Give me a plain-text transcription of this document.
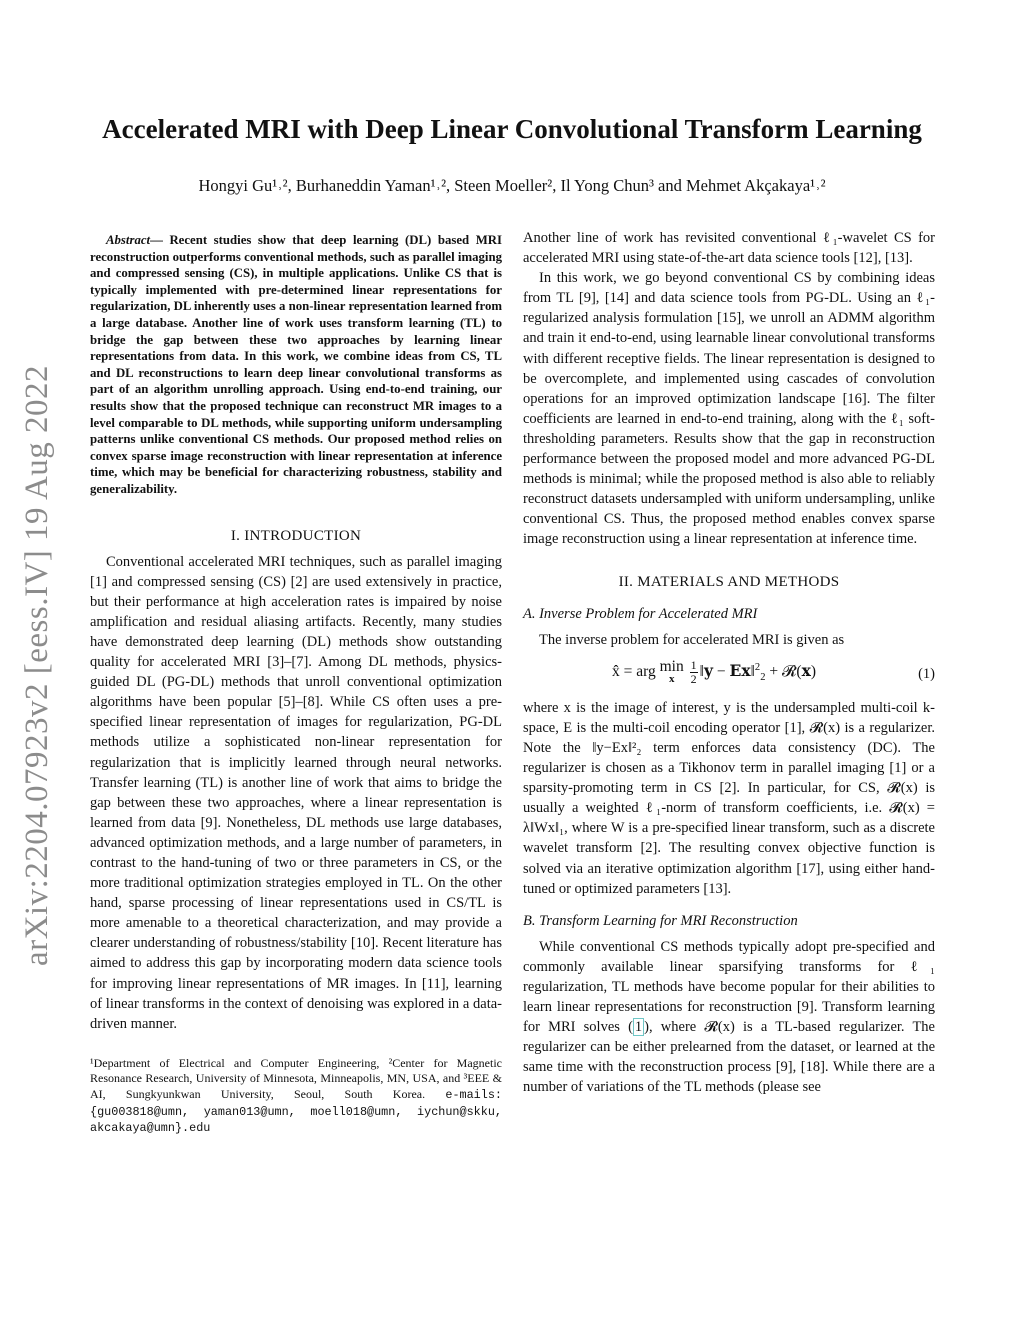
arXiv:2204.07923v2 [eess.IV] 19 Aug 2022
Accelerated MRI with Deep Linear Convolutional Transform Learning
Hongyi Gu¹˒², Burhaneddin Yaman¹˒², Steen Moeller², Il Yong Chun³ and Mehmet Akçakaya¹˒²

Abstract— Recent studies show that deep learning (DL) based MRI reconstruction outperforms conventional methods, such as parallel imaging and compressed sensing (CS), in multiple applications. Unlike CS that is typically implemented with pre-determined linear representations for regularization, DL inherently uses a non-linear representation learned from a large database. Another line of work uses transform learning (TL) to bridge the gap between these two approaches by learning linear representations from data. In this work, we combine ideas from CS, TL and DL reconstructions to learn deep linear convolutional transforms as part of an algorithm unrolling approach. Using end-to-end training, our results show that the proposed technique can reconstruct MR images to a level comparable to DL methods, while supporting uniform undersampling patterns unlike conventional CS methods. Our proposed method relies on convex sparse image reconstruction with linear representation at inference time, which may be beneficial for characterizing robustness, stability and generalizability.

I. INTRODUCTION

Conventional accelerated MRI techniques, such as parallel imaging [1] and compressed sensing (CS) [2] are used extensively in practice, but their performance at high acceleration rates is impaired by noise amplification and residual aliasing artifacts. Recently, many studies have demonstrated deep learning (DL) methods show outstanding quality for accelerated MRI [3]–[7]. Among DL methods, physics-guided DL (PG-DL) methods that unroll conventional optimization algorithms have been popular [5]–[8]. While CS often uses a pre-specified linear representation of images for regularization, PG-DL methods utilize a sophisticated non-linear representation for regularization that is implicitly learned through neural networks. Transfer learning (TL) is another line of work that aims to bridge the gap between these two approaches, where a linear representation is learned from data [9]. Nonetheless, DL methods use large databases, advanced optimization methods, and a large number of parameters, in contrast to the hand-tuning of two or three parameters in CS, or the more traditional optimization strategies employed in TL. On the other hand, sparse processing of linear representations used in CS/TL is more amenable to a theoretical characterization, and may provide a clearer understanding of robustness/stability [10]. Recent literature has aimed to address this gap by incorporating modern data science tools for improving linear representations of MR images. In [11], learning of linear transforms in the context of denoising was explored in a data-driven manner.

¹Department of Electrical and Computer Engineering, ²Center for Magnetic Resonance Research, University of Minnesota, Minneapolis, MN, USA, and ³EEE & AI, Sungkyunkwan University, Seoul, South Korea. e-mails: {gu003818@umn, yaman013@umn, moell018@umn, iychun@skku, akcakaya@umn}.edu

Another line of work has revisited conventional ℓ₁-wavelet CS for accelerated MRI using state-of-the-art data science tools [12], [13].

In this work, we go beyond conventional CS by combining ideas from TL [9], [14] and data science tools from PG-DL. Using an ℓ₁-regularized analysis formulation [15], we unroll an ADMM algorithm and train it end-to-end, using learnable linear convolutional transforms with different receptive fields. The linear representation is designed to be overcomplete, and implemented using cascades of convolution operations for an improved optimization landscape [16]. The filter coefficients are learned in end-to-end training, along with the ℓ₁ soft-thresholding parameters. Results show that the gap in reconstruction performance between the proposed model and more advanced PG-DL methods is minimal; while the proposed method is also able to reliably reconstruct datasets undersampled with uniform undersampling, unlike conventional CS. Thus, the proposed method enables convex sparse image reconstruction using a linear representation at inference time.

II. MATERIALS AND METHODS
A. Inverse Problem for Accelerated MRI

The inverse problem for accelerated MRI is given as

x̂ = arg min
x
	$\frac{1}{2}$ ‖y − Ex‖$^2_2$ + 𝓡(x)	(1)

where x is the image of interest, y is the undersampled multi-coil k-space, E is the multi-coil encoding operator [1], 𝓡(x) is a regularizer. Note the ‖y−Ex‖²₂ term enforces data consistency (DC). The regularizer is chosen as a Tikhonov term in parallel imaging [1] or a sparsity-promoting term in CS [2]. In particular, for CS, 𝓡(x) is usually a weighted ℓ₁-norm of transform coefficients, i.e. 𝓡(x) = λ‖Wx‖₁, where W is a pre-specified linear transform, such as a discrete wavelet transform [2]. The resulting convex objective function is solved via an iterative optimization algorithm [17], using either hand-tuned or optimized parameters [13].

B. Transform Learning for MRI Reconstruction

While conventional CS methods typically adopt pre-specified and commonly available linear sparsifying transforms for ℓ₁ regularization, TL methods have become popular for their abilities to learn linear representations for reconstruction [9]. Transform learning for MRI solves ( 1 ), where 𝓡(x) is a TL-based regularizer. The regularizer can be either prelearned from the dataset, or learned at the same time with the reconstruction process [9], [18]. While there are a number of variations of the TL methods (please see
